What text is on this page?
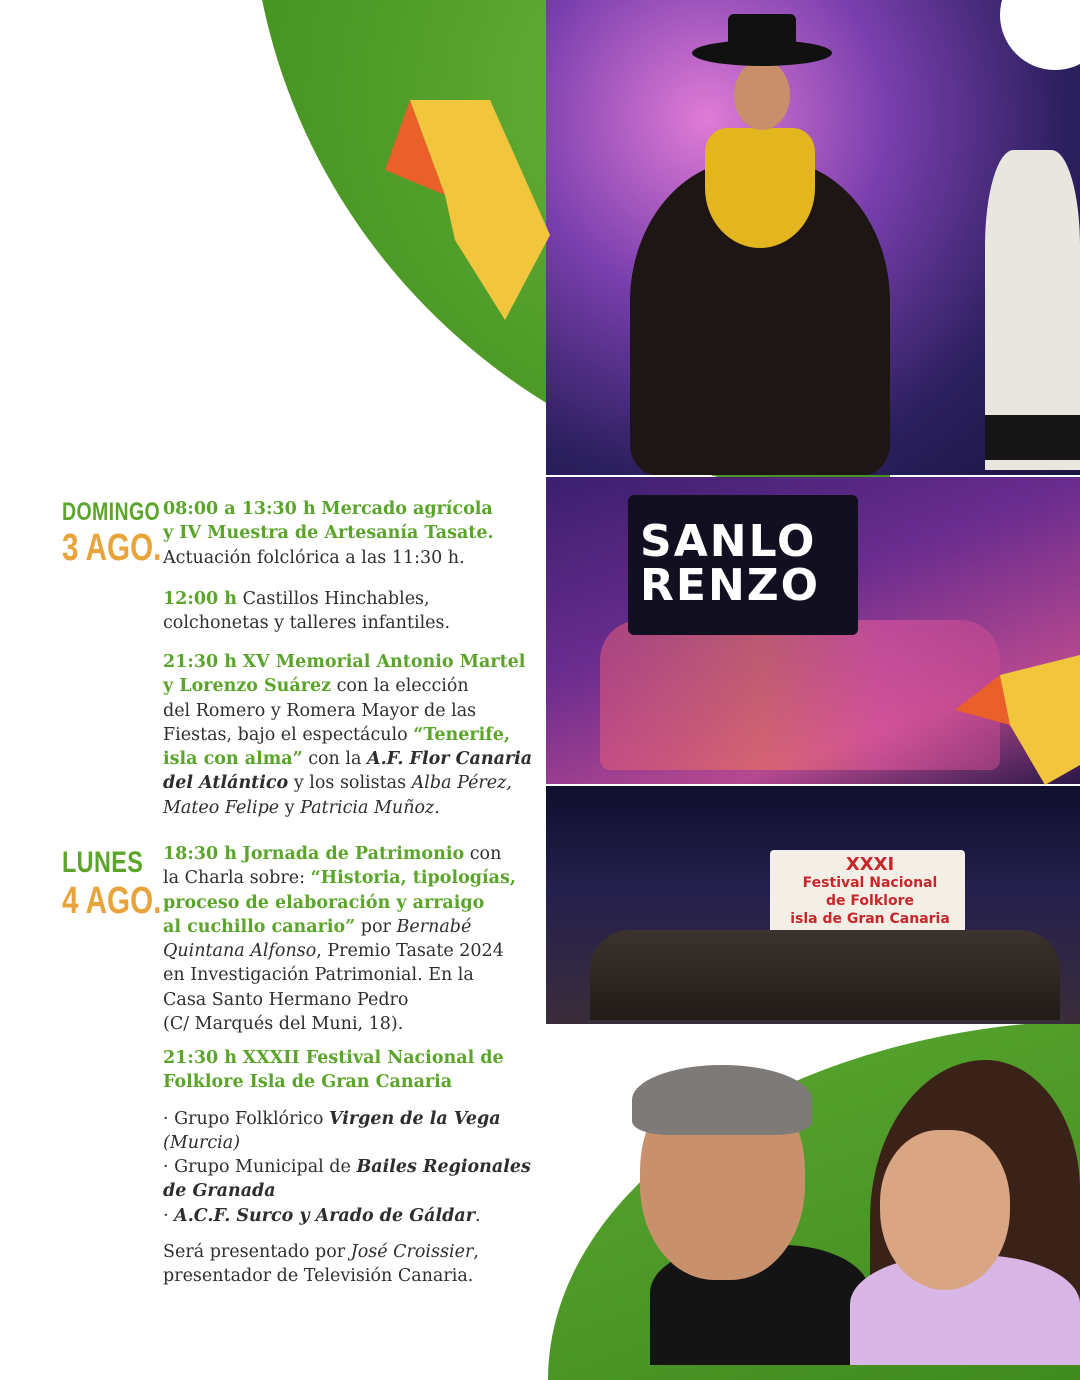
SANLO
RENZO
XXXI
Festival Nacional
de Folklore
isla de Gran Canaria
DOMINGO
3 AGO.
LUNES
4 AGO.

08:00 a 13:30 h Mercado agrícola

y IV Muestra de Artesanía Tasate.

Actuación folclórica a las 11:30 h.

12:00 h Castillos Hinchables,

colchonetas y talleres infantiles.

21:30 h XV Memorial Antonio Martel

y Lorenzo Suárez con la elección

del Romero y Romera Mayor de las

Fiestas, bajo el espectáculo “Tenerife,

isla con alma” con la A.F. Flor Canaria

del Atlántico y los solistas Alba Pérez,

Mateo Felipe y Patricia Muñoz.

18:30 h Jornada de Patrimonio con

la Charla sobre: “Historia, tipologías,

proceso de elaboración y arraigo

al cuchillo canario” por Bernabé

Quintana Alfonso, Premio Tasate 2024

en Investigación Patrimonial. En la

Casa Santo Hermano Pedro

(C/ Marqués del Muni, 18).

21:30 h XXXII Festival Nacional de

Folklore Isla de Gran Canaria

· Grupo Folklórico Virgen de la Vega

(Murcia)

· Grupo Municipal de Bailes Regionales

de Granada

· A.C.F. Surco y Arado de Gáldar.

Será presentado por José Croissier,

presentador de Televisión Canaria.
